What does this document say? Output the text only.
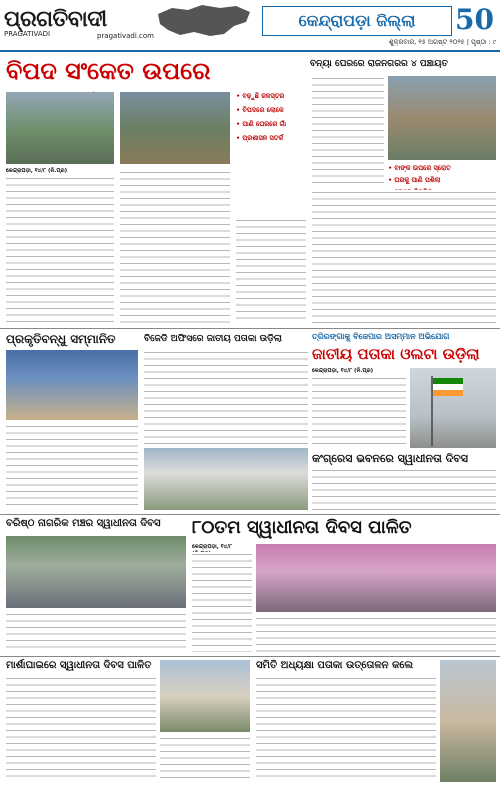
ପ୍ରଗତିବାଦୀ
PRAGATIVADI	pragativadi.com
କେନ୍ଦ୍ରାପଡ଼ା ଜିଲ୍ଲା	50
ଶୁକ୍ରବାର, ୧୫ ଅଗଷ୍ଟ ୨୦୨୫ | ପୃଷ୍ଠା : ୯
ବିପଦ ସଂକେତ ଉପରେ	ବନ୍ୟା ଘେରରେ ରାଜନଗରର ୪ ପଞ୍ଚାୟତ
କେନ୍ଦ୍ରାପଡ଼ା, ୧୪/୮ (ନି.ପ୍ର)
• ବଢ଼ୁଛି ଜଳସ୍ତର
• ବିପଦରେ ଲୋକେ
• ପାଣି ଘେରରେ ଗାଁ
• ପ୍ରଶାସନ ସତର୍କ
• ବାଙ୍କ ଉପରେ ସ୍ରୋତ
• ଘରକୁ ପାଣି ପଶିଲା
ତ୍ରିରଙ୍ଗାକୁ ବିଜେପାର ଅସମ୍ମାନ ଅଭିଯୋଗ
ଜାତୀୟ ପତାକା ଓଲଟା ଉଡ଼ିଲା
କେନ୍ଦ୍ରାପଡ଼ା, ୧୪/୮ (ନି.ପ୍ର)
ପ୍ରକୃତିବନ୍ଧୁ ସମ୍ମାନିତ	ବିଜେଡି ଅଫିସରେ ଜାତୀୟ ପତାକା ଉଡ଼ିଲା
କଂଗ୍ରେସ ଭବନରେ ସ୍ୱାଧୀନତା ଦିବସ
ବରିଷ୍ଠ ନାଗରିକ ମଞ୍ଚର ସ୍ୱାଧୀନତା ଦିବସ	୮୦ତମ ସ୍ୱାଧୀନତା ଦିବସ ପାଳିତ
କେନ୍ଦ୍ରାପଡ଼ା, ୧୪/୮
ମାର୍ଶାଘାଇରେ ସ୍ୱାଧୀନତା ଦିବସ ପାଳିତ	ସମିତି ଅଧ୍ୟକ୍ଷା ପତାକା ଉତ୍ତୋଳନ କଲେ
